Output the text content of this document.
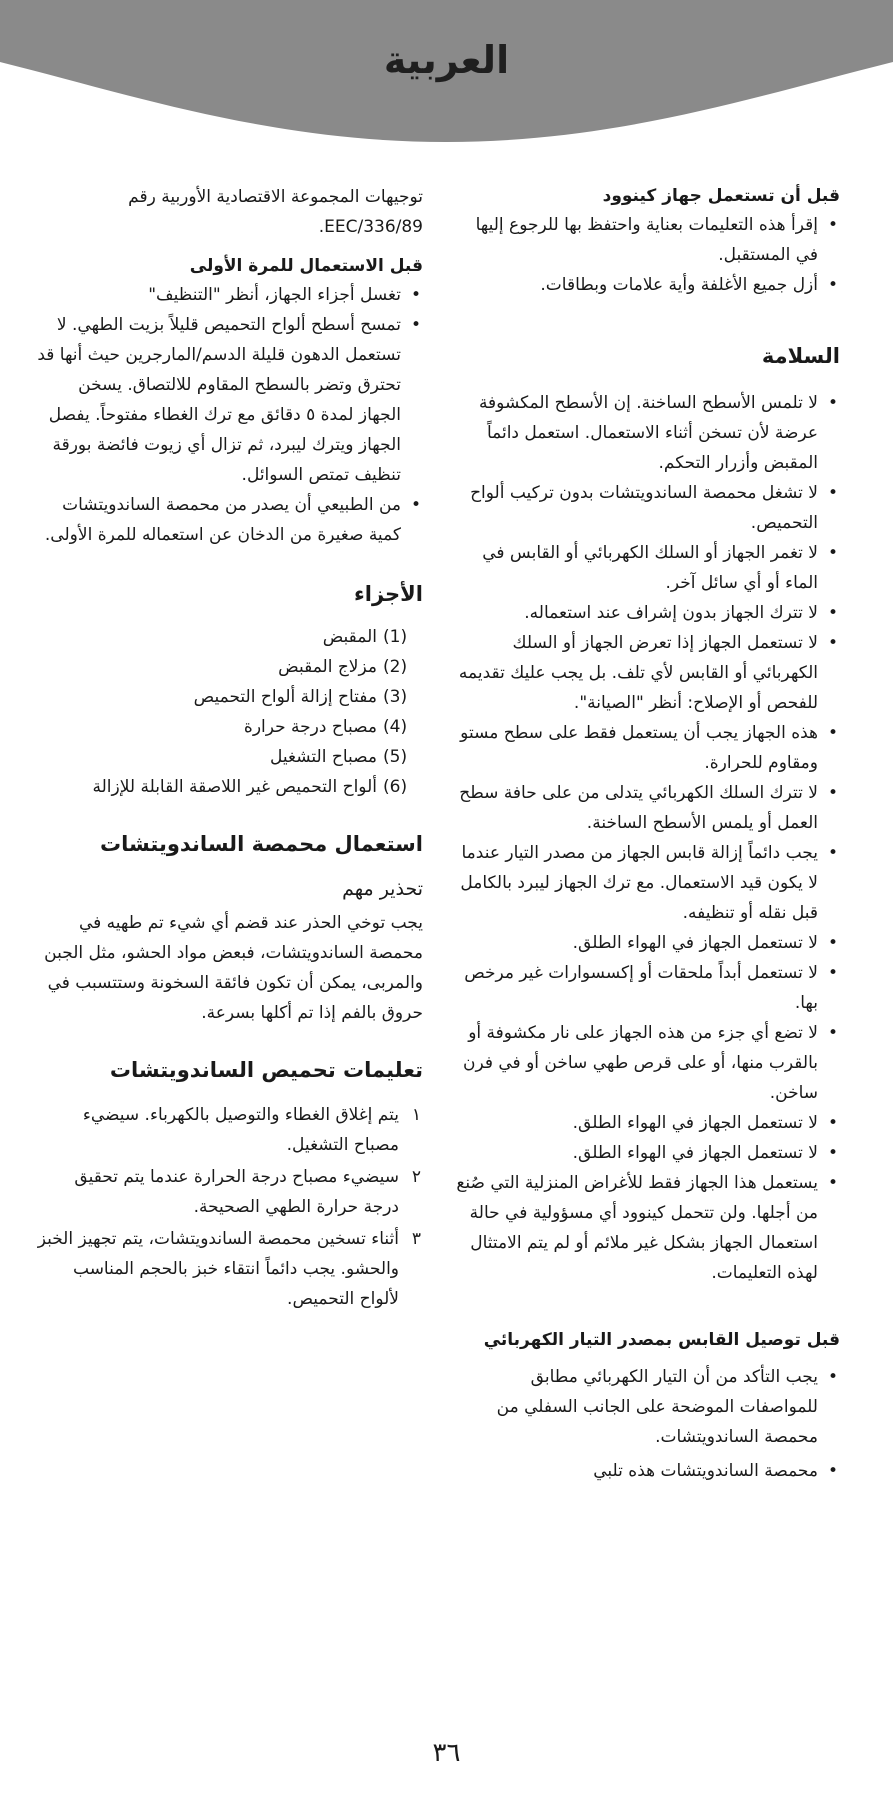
العربية
قبل أن تستعمل جهاز كينوود
• إقرأ هذه التعليمات بعناية واحتفظ بها للرجوع إليها في المستقبل.
• أزل جميع الأغلفة وأية علامات وبطاقات.
السلامة
• لا تلمس الأسطح الساخنة. إن الأسطح المكشوفة عرضة لأن تسخن أثناء الاستعمال. استعمل دائماً المقبض وأزرار التحكم.
• لا تشغل محمصة الساندويتشات بدون تركيب ألواح التحميص.
• لا تغمر الجهاز أو السلك الكهربائي أو القابس في الماء أو أي سائل آخر.
• لا تترك الجهاز بدون إشراف عند استعماله.
• لا تستعمل الجهاز إذا تعرض الجهاز أو السلك الكهربائي أو القابس لأي تلف. بل يجب عليك تقديمه للفحص أو الإصلاح: أنظر "الصيانة".
• هذه الجهاز يجب أن يستعمل فقط على سطح مستو ومقاوم للحرارة.
• لا تترك السلك الكهربائي يتدلى من على حافة سطح العمل أو يلمس الأسطح الساخنة.
• يجب دائماً إزالة قابس الجهاز من مصدر التيار عندما لا يكون قيد الاستعمال. مع ترك الجهاز ليبرد بالكامل قبل نقله أو تنظيفه.
• لا تستعمل الجهاز في الهواء الطلق.
• لا تستعمل أبداً ملحقات أو إكسسوارات غير مرخص بها.
• لا تضع أي جزء من هذه الجهاز على نار مكشوفة أو بالقرب منها، أو على قرص طهي ساخن أو في فرن ساخن.
• لا تستعمل الجهاز في الهواء الطلق.
• لا تستعمل الجهاز في الهواء الطلق.
• يستعمل هذا الجهاز فقط للأغراض المنزلية التي صُنع من أجلها. ولن تتحمل كينوود أي مسؤولية في حالة استعمال الجهاز بشكل غير ملائم أو لم يتم الامتثال لهذه التعليمات.
قبل توصيل القابس بمصدر التيار الكهربائي
• يجب التأكد من أن التيار الكهربائي مطابق للمواصفات الموضحة على الجانب السفلي من محمصة الساندويتشات.
• محمصة الساندويتشات هذه تلبي

توجيهات المجموعة الاقتصادية الأوربية رقم EEC/336/89.

قبل الاستعمال للمرة الأولى
• تغسل أجزاء الجهاز، أنظر "التنظيف"
• تمسح أسطح ألواح التحميص قليلاً بزيت الطهي. لا تستعمل الدهون قليلة الدسم/المارجرين حيث أنها قد تحترق وتضر بالسطح المقاوم للالتصاق. يسخن الجهاز لمدة ٥ دقائق مع ترك الغطاء مفتوحاً. يفصل الجهاز ويترك ليبرد، ثم تزال أي زيوت فائضة بورقة تنظيف تمتص السوائل.
• من الطبيعي أن يصدر من محمصة الساندويتشات كمية صغيرة من الدخان عن استعماله للمرة الأولى.
الأجزاء
(1)
المقبض
(2)
مزلاج المقبض
(3)
مفتاح إزالة ألواح التحميص
(4)
مصباح درجة حرارة
(5)
مصباح التشغيل
(6)
ألواح التحميص غير اللاصقة القابلة للإزالة
استعمال محمصة الساندويتشات
تحذير مهم

يجب توخي الحذر عند قضم أي شيء تم طهيه في محمصة الساندويتشات، فبعض مواد الحشو، مثل الجبن والمربى، يمكن أن تكون فائقة السخونة وستتسبب في حروق بالفم إذا تم أكلها بسرعة.

تعليمات تحميص الساندويتشات
١
يتم إغلاق الغطاء والتوصيل بالكهرباء. سيضيء مصباح التشغيل.
٢
سيضيء مصباح درجة الحرارة عندما يتم تحقيق درجة حرارة الطهي الصحيحة.
٣
أثناء تسخين محمصة الساندويتشات، يتم تجهيز الخبز والحشو. يجب دائماً انتقاء خبز بالحجم المناسب لألواح التحميص.
٣٦
